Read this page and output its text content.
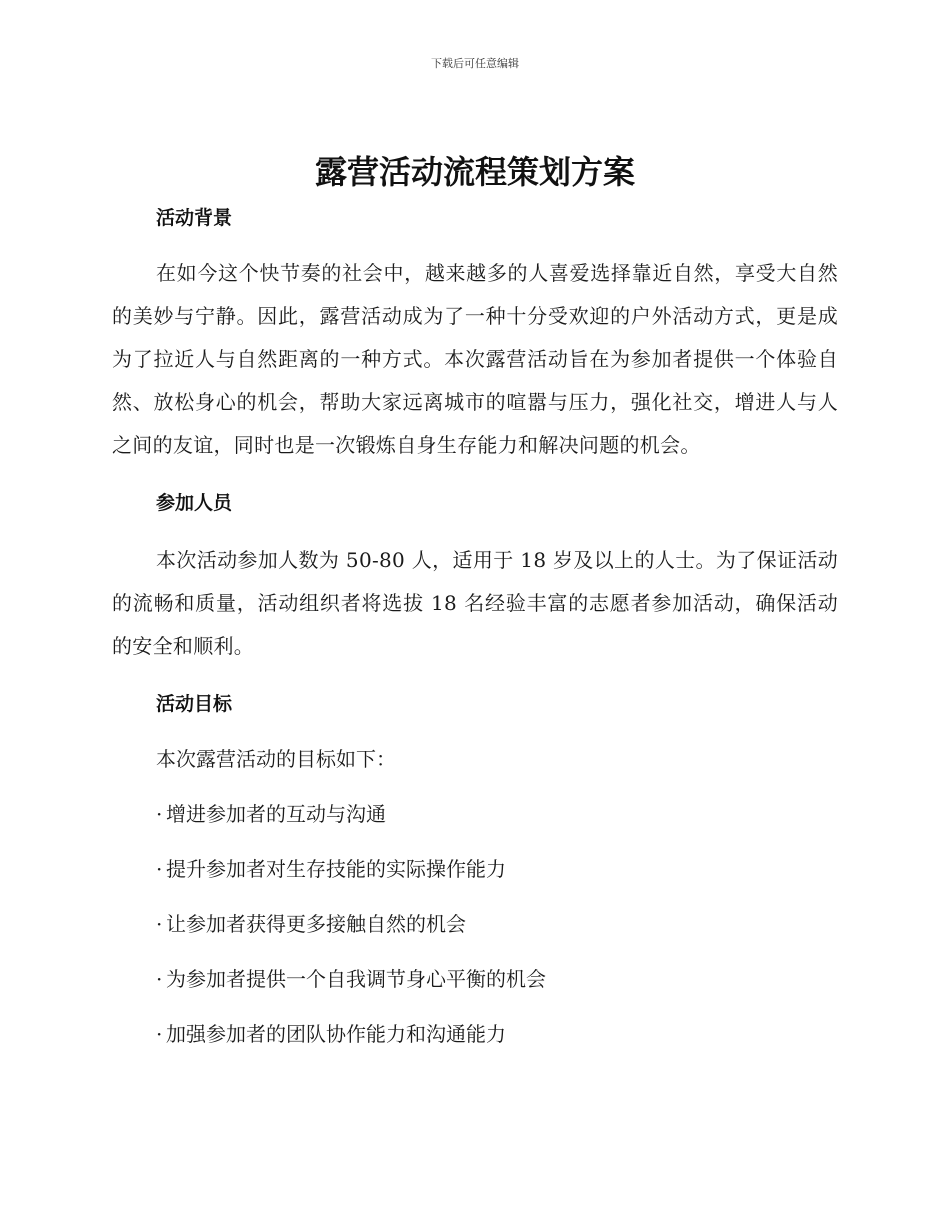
下载后可任意编辑

露营活动流程策划方案
活动背景

在如今这个快节奏的社会中，越来越多的人喜爱选择靠近自然，享受大自然的美妙与宁静。因此，露营活动成为了一种十分受欢迎的户外活动方式，更是成为了拉近人与自然距离的一种方式。本次露营活动旨在为参加者提供一个体验自然、放松身心的机会，帮助大家远离城市的喧嚣与压力，强化社交，增进人与人之间的友谊，同时也是一次锻炼自身生存能力和解决问题的机会。

参加人员

本次活动参加人数为 50-80 人，适用于 18 岁及以上的人士。为了保证活动的流畅和质量，活动组织者将选拔 18 名经验丰富的志愿者参加活动，确保活动的安全和顺利。

活动目标

本次露营活动的目标如下：

· 增进参加者的互动与沟通
· 提升参加者对生存技能的实际操作能力
· 让参加者获得更多接触自然的机会
· 为参加者提供一个自我调节身心平衡的机会
· 加强参加者的团队协作能力和沟通能力
